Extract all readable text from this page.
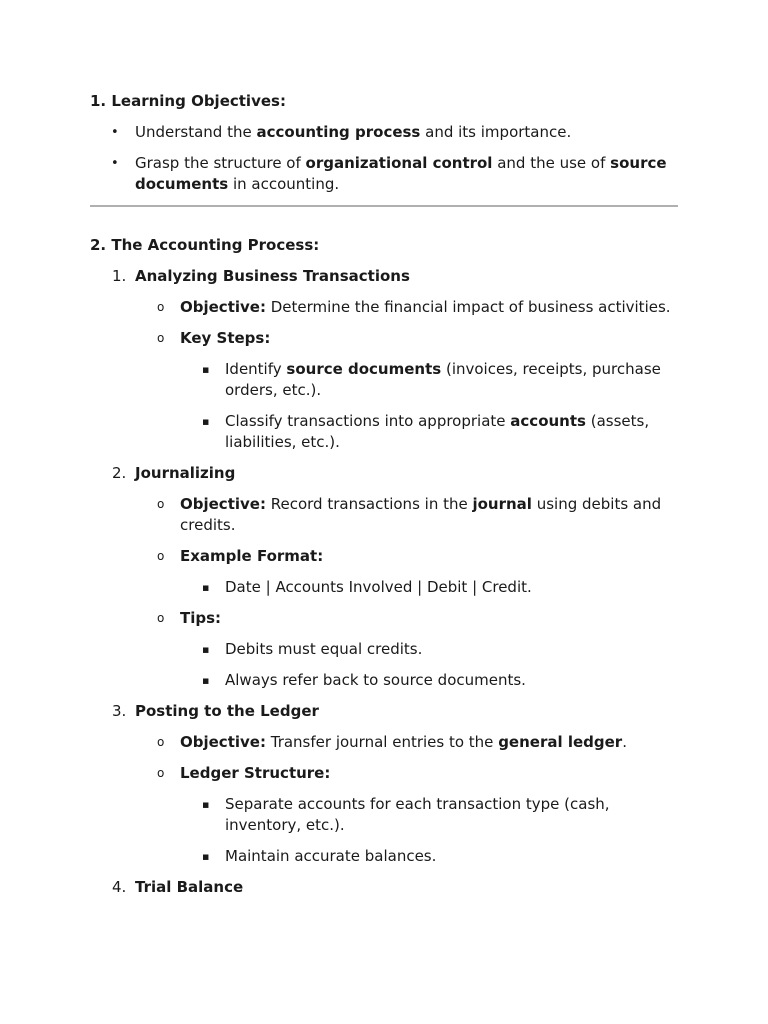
1. Learning Objectives:
• Understand the accounting process and its importance.
• Grasp the structure of organizational control and the use of source documents in accounting.
2. The Accounting Process:
1. Analyzing Business Transactions
o Objective: Determine the financial impact of business activities.
o Key Steps:
▪ Identify source documents (invoices, receipts, purchase orders, etc.).
▪ Classify transactions into appropriate accounts (assets, liabilities, etc.).
2. Journalizing
o Objective: Record transactions in the journal using debits and credits.
o Example Format:
▪ Date | Accounts Involved | Debit | Credit.
o Tips:
▪ Debits must equal credits.
▪ Always refer back to source documents.
3. Posting to the Ledger
o Objective: Transfer journal entries to the general ledger.
o Ledger Structure:
▪ Separate accounts for each transaction type (cash, inventory, etc.).
▪ Maintain accurate balances.
4. Trial Balance
